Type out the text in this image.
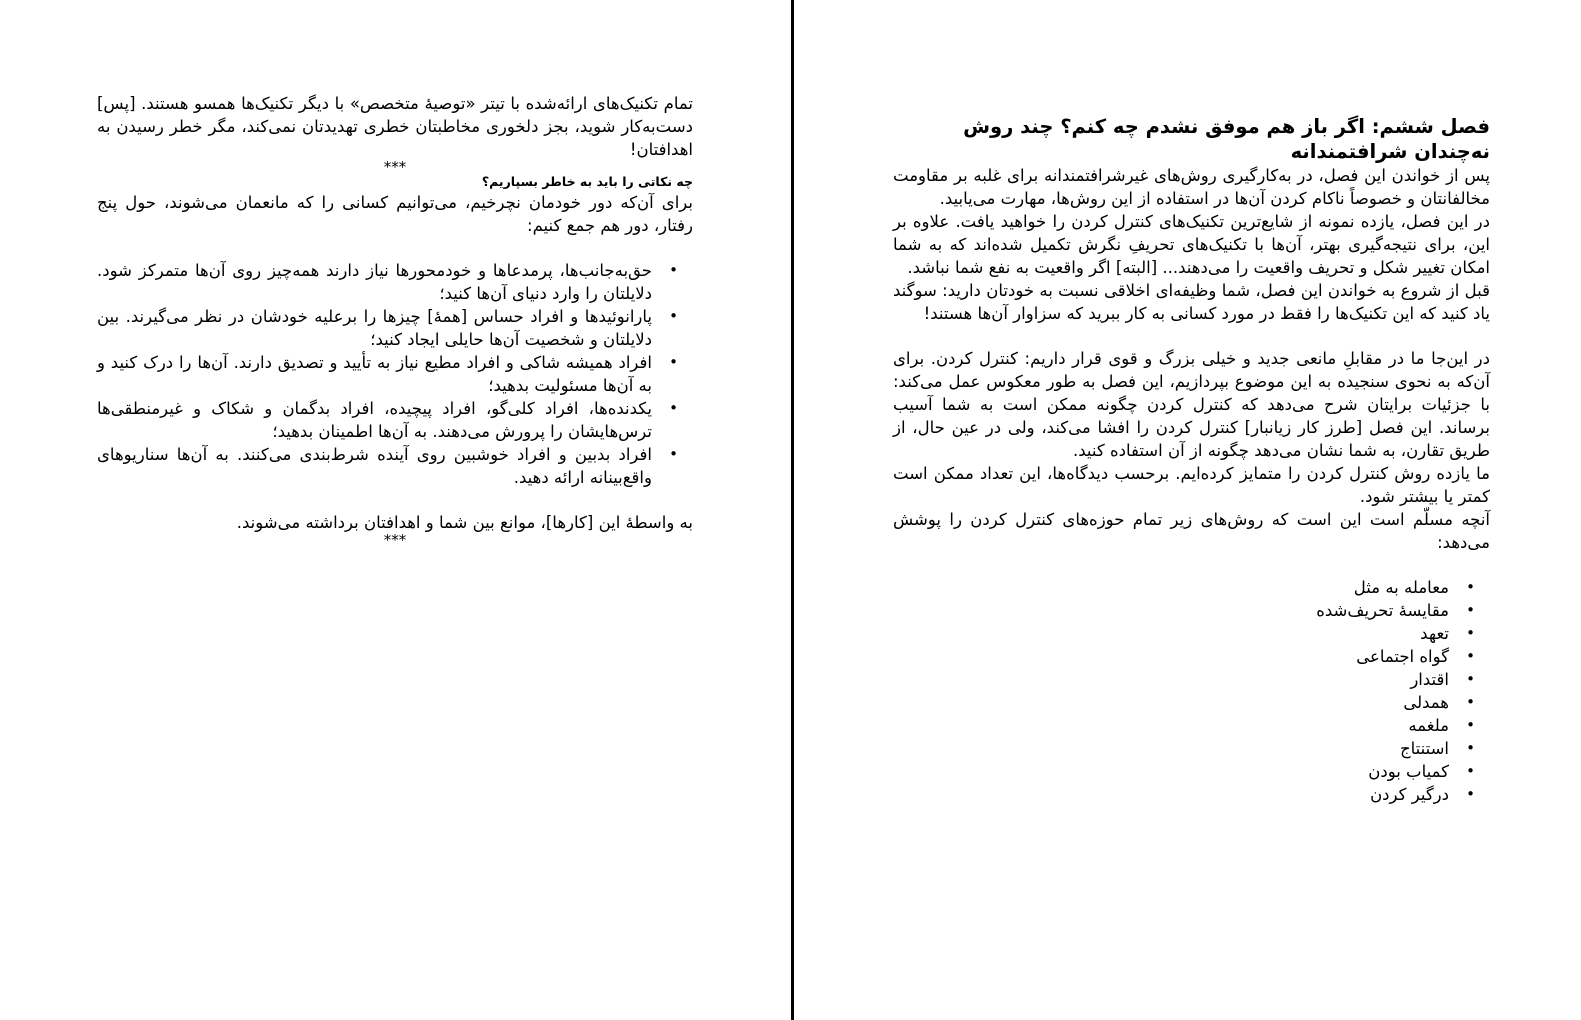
تمام تکنیک‌های ارائه‌شده با تیتر «توصیهٔ متخصص» با دیگر تکنیک‌ها همسو هستند. [پس] دست‌به‌کار شوید، بجز دلخوری مخاطبتان خطری تهدیدتان نمی‌کند، مگر خطر رسیدن به اهدافتان!

***

چه نکاتی را باید به خاطر بسپاریم؟

برای آن‌که دور خودمان نچرخیم، می‌توانیم کسانی را که مانعمان می‌شوند، حول پنج رفتار، دور هم جمع کنیم:

•
حق‌به‌جانب‌ها، پرمدعاها و خودمحورها نیاز دارند همه‌چیز روی آن‌ها متمرکز شود. دلایلتان را وارد دنیای آن‌ها کنید؛
•
پارانوئیدها و افراد حساس [همهٔ] چیزها را برعلیه خودشان در نظر می‌گیرند. بین دلایلتان و شخصیت آن‌ها حایلی ایجاد کنید؛
•
افراد همیشه شاکی و افراد مطیع نیاز به تأیید و تصدیق دارند. آن‌ها را درک کنید و به آن‌ها مسئولیت بدهید؛
•
یکدنده‌ها، افراد کلی‌گو، افراد پیچیده، افراد بدگمان و شکاک و غیرمنطقی‌ها ترس‌هایشان را پرورش می‌دهند. به آن‌ها اطمینان بدهید؛
•
افراد بدبین و افراد خوشبین روی آینده شرط‌بندی می‌کنند. به آن‌ها سناریوهای واقع‌بینانه ارائه دهید.

به واسطهٔ این [کارها]، موانع بین شما و اهدافتان برداشته می‌شوند.

***

فصل ششم: اگر باز هم موفق نشدم چه کنم؟ چند روش نه‌چندان شرافتمندانه

پس از خواندن این فصل، در به‌کارگیری روش‌های غیرشرافتمندانه برای غلبه بر مقاومت مخالفانتان و خصوصاً ناکام کردن آن‌ها در استفاده از این روش‌ها، مهارت می‌یابید.

در این فصل، یازده نمونه از شایع‌ترین تکنیک‌های کنترل کردن را خواهید یافت. علاوه بر این، برای نتیجه‌گیری بهتر، آن‌ها با تکنیک‌های تحریفِ نگرش تکمیل شده‌اند که به شما امکان تغییر شکل و تحریف واقعیت را می‌دهند... [البته] اگر واقعیت به نفع شما نباشد.

قبل از شروع به خواندن این فصل، شما وظیفه‌ای اخلاقی نسبت به خودتان دارید: سوگند یاد کنید که این تکنیک‌ها را فقط در مورد کسانی به کار ببرید که سزاوار آن‌ها هستند!

در این‌جا ما در مقابلِ مانعی جدید و خیلی بزرگ و قوی قرار داریم: کنترل کردن. برای آن‌که به نحوی سنجیده به این موضوع بپردازیم، این فصل به طور معکوس عمل می‌کند: با جزئیات برایتان شرح می‌دهد که کنترل کردن چگونه ممکن است به شما آسیب برساند. این فصل [طرز کار زیانبار] کنترل کردن را افشا می‌کند، ولی در عین حال، از طریق تقارن، به شما نشان می‌دهد چگونه از آن استفاده کنید.

ما یازده روش کنترل کردن را متمایز کرده‌ایم. برحسب دیدگاه‌ها، این تعداد ممکن است کمتر یا بیشتر شود.

آنچه مسلّم است این است که روش‌های زیر تمام حوزه‌های کنترل کردن را پوشش می‌دهد:

•
معامله به مثل
•
مقایسهٔ تحریف‌شده
•
تعهد
•
گواه اجتماعی
•
اقتدار
•
همدلی
•
ملغمه
•
استنتاج
•
کمیاب بودن
•
درگیر کردن
